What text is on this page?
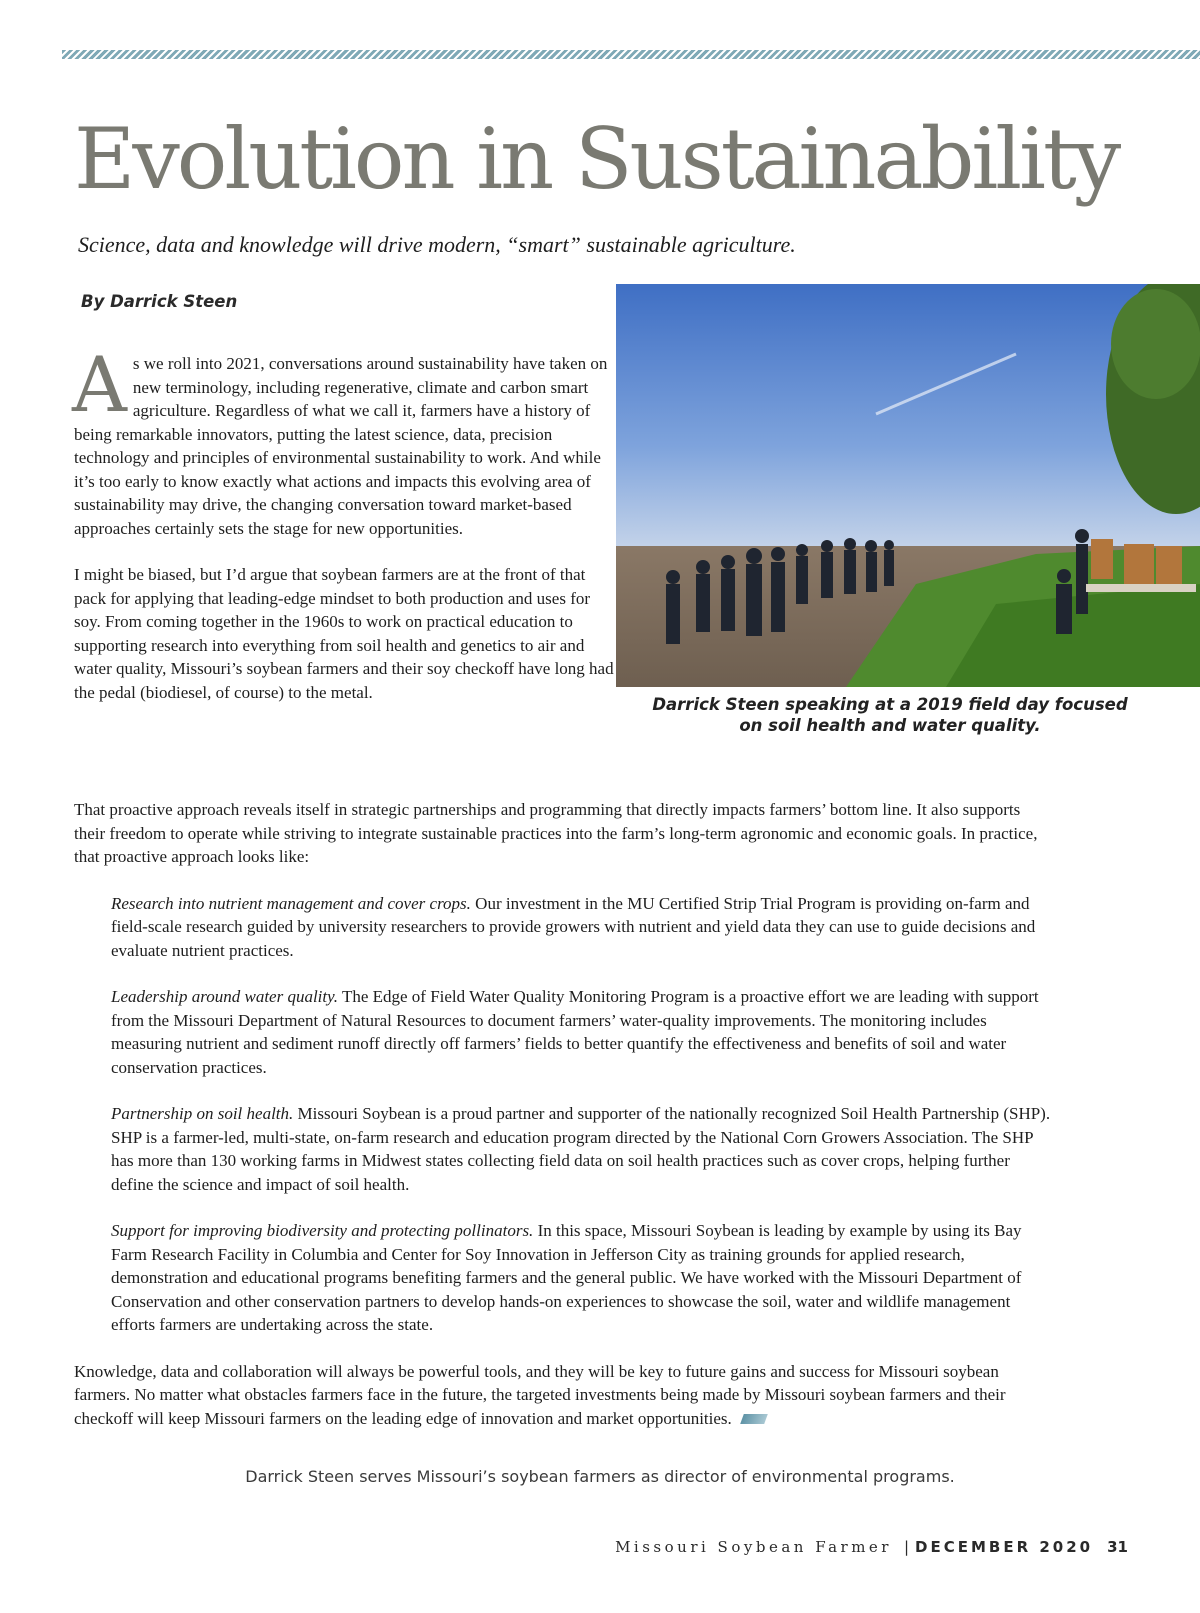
Evolution in Sustainability

Science, data and knowledge will drive modern, “smart” sustainable agriculture.

By Darrick Steen

As we roll into 2021, conversations around sustainability have taken on new terminology, including regenerative, climate and carbon smart agriculture. Regardless of what we call it, farmers have a history of being remarkable innovators, putting the latest science, data, precision technology and principles of environmental sustainability to work. And while it’s too early to know exactly what actions and impacts this evolving area of sustainability may drive, the changing conversation toward market-based approaches certainly sets the stage for new opportunities.

I might be biased, but I’d argue that soybean farmers are at the front of that pack for applying that leading-edge mindset to both production and uses for soy. From coming together in the 1960s to work on practical education to supporting research into everything from soil health and genetics to air and water quality, Missouri’s soybean farmers and their soy checkoff have long had the pedal (biodiesel, of course) to the metal.

Darrick Steen speaking at a 2019 field day focused on soil health and water quality.

That proactive approach reveals itself in strategic partnerships and programming that directly impacts farmers’ bottom line. It also supports their freedom to operate while striving to integrate sustainable practices into the farm’s long-term agronomic and economic goals. In practice, that proactive approach looks like:

Research into nutrient management and cover crops. Our investment in the MU Certified Strip Trial Program is providing on-farm and field-scale research guided by university researchers to provide growers with nutrient and yield data they can use to guide decisions and evaluate nutrient practices.

Leadership around water quality. The Edge of Field Water Quality Monitoring Program is a proactive effort we are leading with support from the Missouri Department of Natural Resources to document farmers’ water-quality improvements. The monitoring includes measuring nutrient and sediment runoff directly off farmers’ fields to better quantify the effectiveness and benefits of soil and water conservation practices.

Partnership on soil health. Missouri Soybean is a proud partner and supporter of the nationally recognized Soil Health Partnership (SHP). SHP is a farmer-led, multi-state, on-farm research and education program directed by the National Corn Growers Association. The SHP has more than 130 working farms in Midwest states collecting field data on soil health practices such as cover crops, helping further define the science and impact of soil health.

Support for improving biodiversity and protecting pollinators. In this space, Missouri Soybean is leading by example by using its Bay Farm Research Facility in Columbia and Center for Soy Innovation in Jefferson City as training grounds for applied research, demonstration and educational programs benefiting farmers and the general public. We have worked with the Missouri Department of Conservation and other conservation partners to develop hands-on experiences to showcase the soil, water and wildlife management efforts farmers are undertaking across the state.

Knowledge, data and collaboration will always be powerful tools, and they will be key to future gains and success for Missouri soybean farmers. No matter what obstacles farmers face in the future, the targeted investments being made by Missouri soybean farmers and their checkoff will keep Missouri farmers on the leading edge of innovation and market opportunities.

Darrick Steen serves Missouri’s soybean farmers as director of environmental programs.

Missouri Soybean Farmer | DECEMBER 2020 31
